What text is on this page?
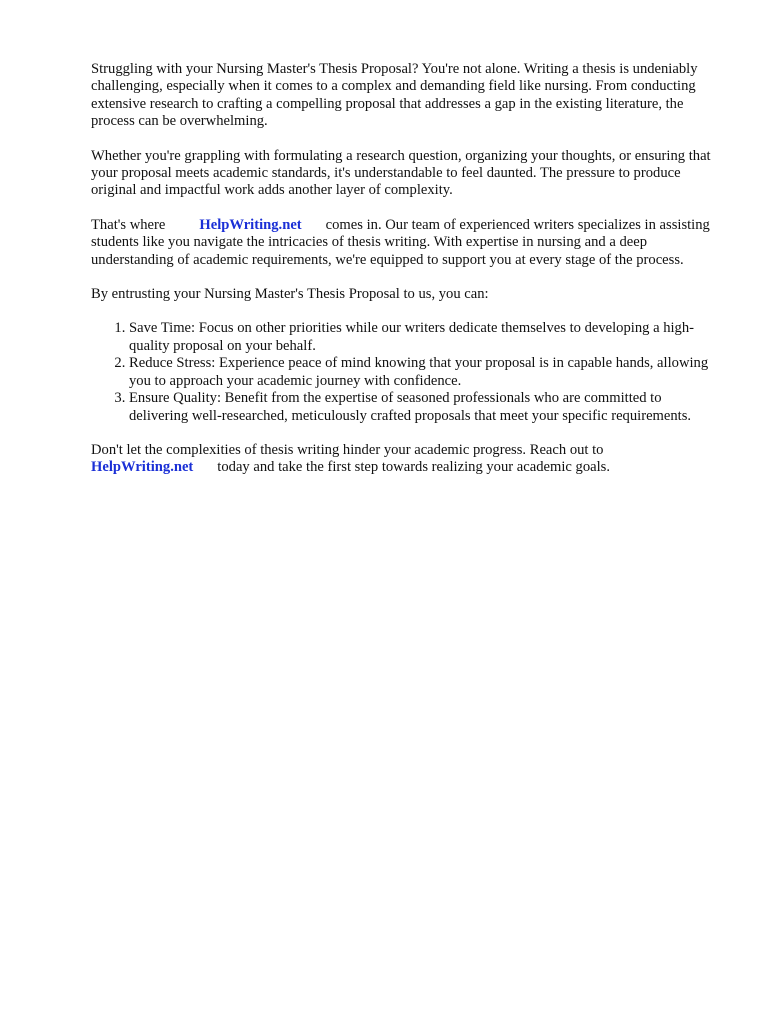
Struggling with your Nursing Master's Thesis Proposal? You're not alone. Writing a thesis is undeniably challenging, especially when it comes to a complex and demanding field like nursing. From conducting extensive research to crafting a compelling proposal that addresses a gap in the existing literature, the process can be overwhelming.

Whether you're grappling with formulating a research question, organizing your thoughts, or ensuring that your proposal meets academic standards, it's understandable to feel daunted. The pressure to produce original and impactful work adds another layer of complexity.

That's where HelpWriting.net comes in. Our team of experienced writers specializes in assisting students like you navigate the intricacies of thesis writing. With expertise in nursing and a deep understanding of academic requirements, we're equipped to support you at every stage of the process.

By entrusting your Nursing Master's Thesis Proposal to us, you can:

1. Save Time: Focus on other priorities while our writers dedicate themselves to developing a high-quality proposal on your behalf.
2. Reduce Stress: Experience peace of mind knowing that your proposal is in capable hands, allowing you to approach your academic journey with confidence.
3. Ensure Quality: Benefit from the expertise of seasoned professionals who are committed to delivering well-researched, meticulously crafted proposals that meet your specific requirements.

Don't let the complexities of thesis writing hinder your academic progress. Reach out to
HelpWriting.net today and take the first step towards realizing your academic goals.
